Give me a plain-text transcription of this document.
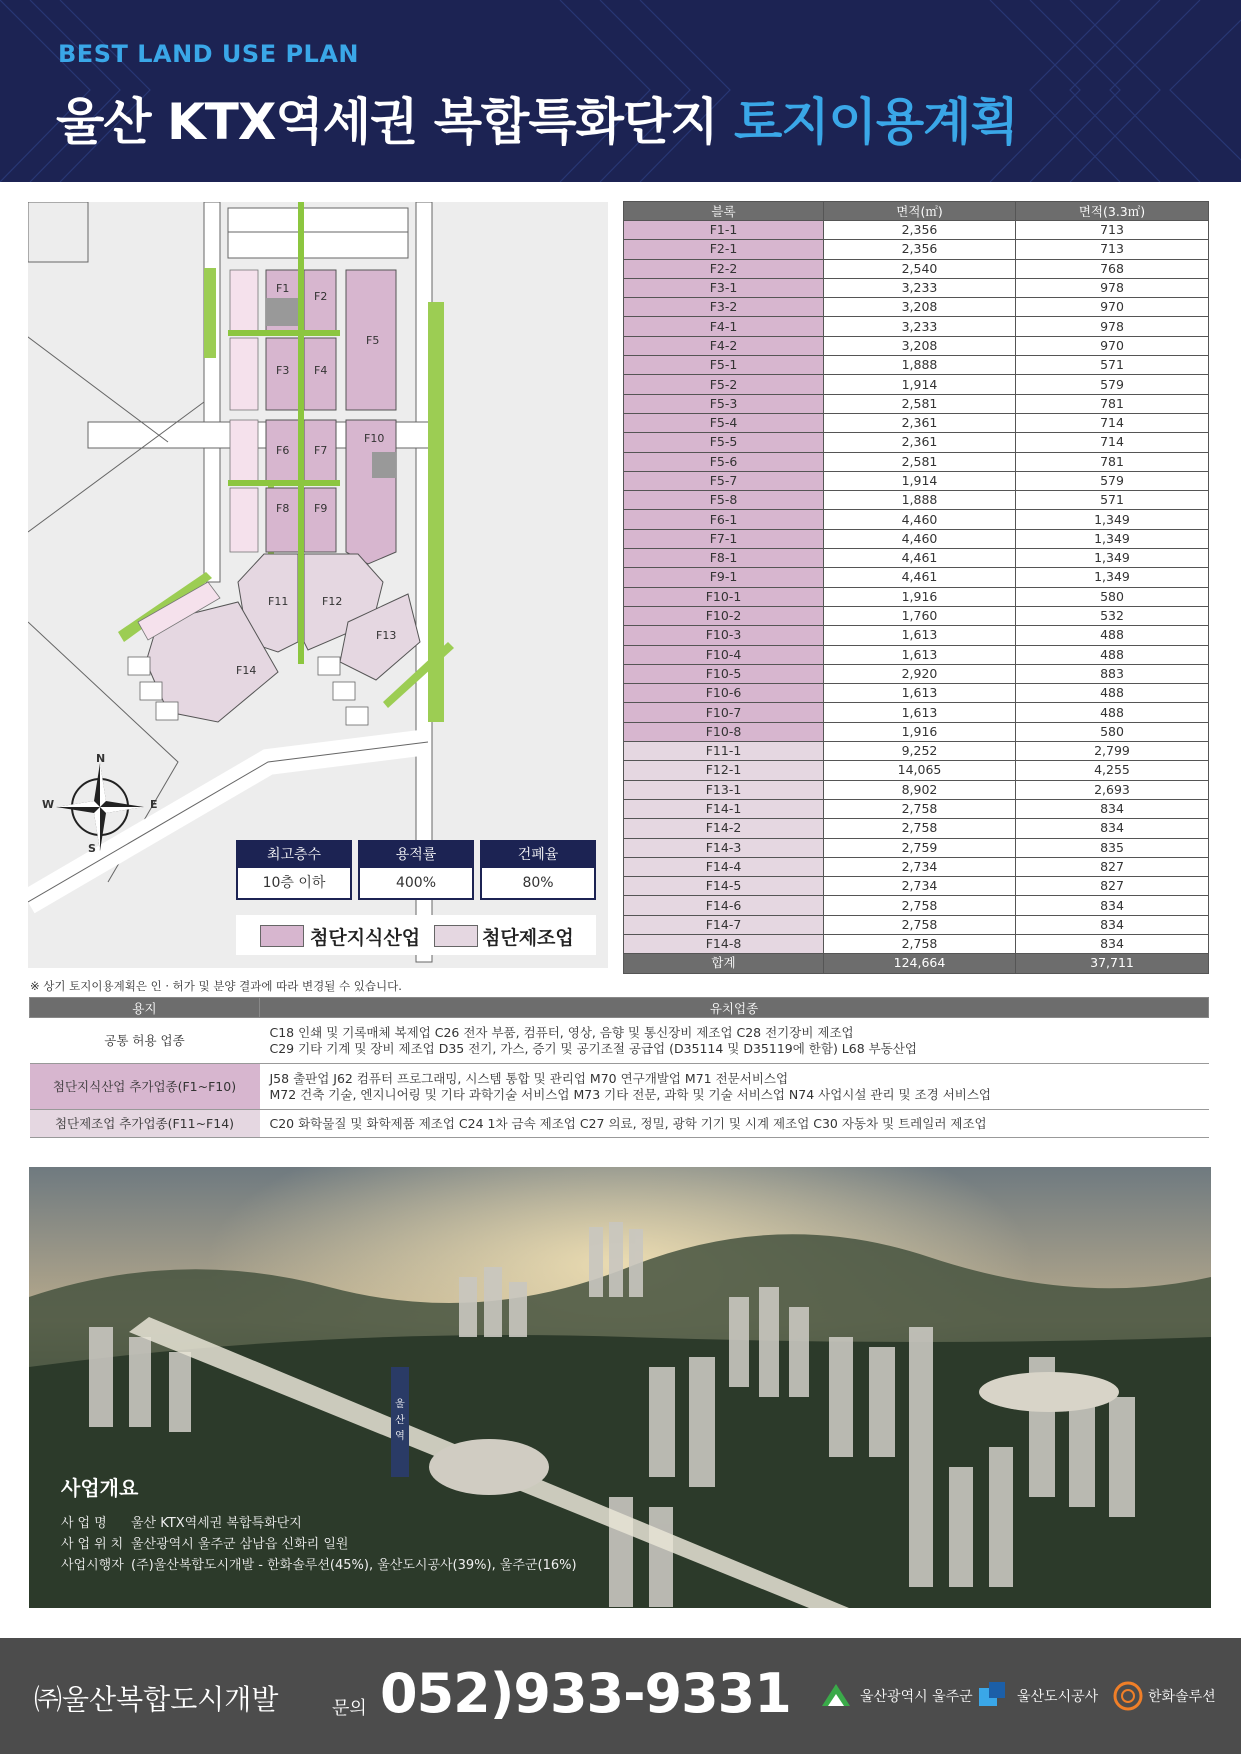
BEST LAND USE PLAN
울산 KTX역세권 복합특화단지 토지이용계획
F1
F2
F3 F4
F5
F6 F7
F8 F9
F10
F11	F12
F13
F14
N
S
E
W
최고층수
10층 이하
용적률
400%
건폐율
80%
첨단지식산업	첨단제조업
※ 상기 토지이용계획은 인 · 허가 및 분양 결과에 따라 변경될 수 있습니다.
블록	면적(㎡)	면적(3.3㎡)
F1-1	2,356	713
F2-1	2,356	713
F2-2	2,540	768
F3-1	3,233	978
F3-2	3,208	970
F4-1	3,233	978
F4-2	3,208	970
F5-1	1,888	571
F5-2	1,914	579
F5-3	2,581	781
F5-4	2,361	714
F5-5	2,361	714
F5-6	2,581	781
F5-7	1,914	579
F5-8	1,888	571
F6-1	4,460	1,349
F7-1	4,460	1,349
F8-1	4,461	1,349
F9-1	4,461	1,349
F10-1	1,916	580
F10-2	1,760	532
F10-3	1,613	488
F10-4	1,613	488
F10-5	2,920	883
F10-6	1,613	488
F10-7	1,613	488
F10-8	1,916	580
F11-1	9,252	2,799
F12-1	14,065	4,255
F13-1	8,902	2,693
F14-1	2,758	834
F14-2	2,758	834
F14-3	2,759	835
F14-4	2,734	827
F14-5	2,734	827
F14-6	2,758	834
F14-7	2,758	834
F14-8	2,758	834
합계	124,664	37,711
용지	유치업종
공통 허용 업종	C18 인쇄 및 기록매체 복제업 C26 전자 부품, 컴퓨터, 영상, 음향 및 통신장비 제조업 C28 전기장비 제조업
C29 기타 기계 및 장비 제조업 D35 전기, 가스, 증기 및 공기조절 공급업 (D35114 및 D35119에 한함) L68 부동산업

첨단지식산업 추가업종(F1~F10)	J58 출판업 J62 컴퓨터 프로그래밍, 시스템 통합 및 관리업 M70 연구개발업 M71 전문서비스업
M72 건축 기술, 엔지니어링 및 기타 과학기술 서비스업 M73 기타 전문, 과학 및 기술 서비스업 N74 사업시설 관리 및 조경 서비스업

첨단제조업 추가업종(F11~F14)	C20 화학물질 및 화학제품 제조업 C24 1차 금속 제조업 C27 의료, 정밀, 광학 기기 및 시계 제조업 C30 자동차 및 트레일러 제조업
울산역
사업개요
사업명 울산 KTX역세권 복합특화단지
사업위치 울산광역시 울주군 삼남읍 신화리 일원
사업시행자 (주)울산복합도시개발 - 한화솔루션(45%), 울산도시공사(39%), 울주군(16%)
㈜울산복합도시개발	문의 052)933-9331	울산광역시 울주군	울산도시공사	한화솔루션
